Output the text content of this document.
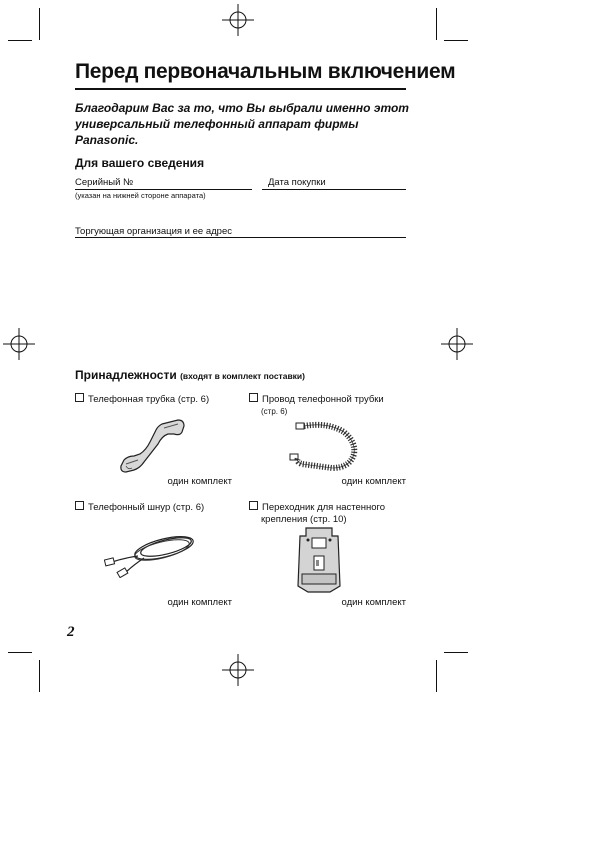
Перед первоначальным включением
Благодарим Вас за то, что Вы выбрали именно этот универсальный телефонный аппарат фирмы Panasonic.
Для вашего сведения
Серийный №
(указан на нижней стороне аппарата)
Дата покупки
Торгующая организация и ее адрес
Принадлежности (входят в комплект поставки)
Телефонная трубка (стр. 6)
один комплект
Провод телефонной трубки
(стр. 6)
один комплект
Телефонный шнур (стр. 6)
один комплект
Переходник для настенного
крепления (стр. 10)
один комплект
2
